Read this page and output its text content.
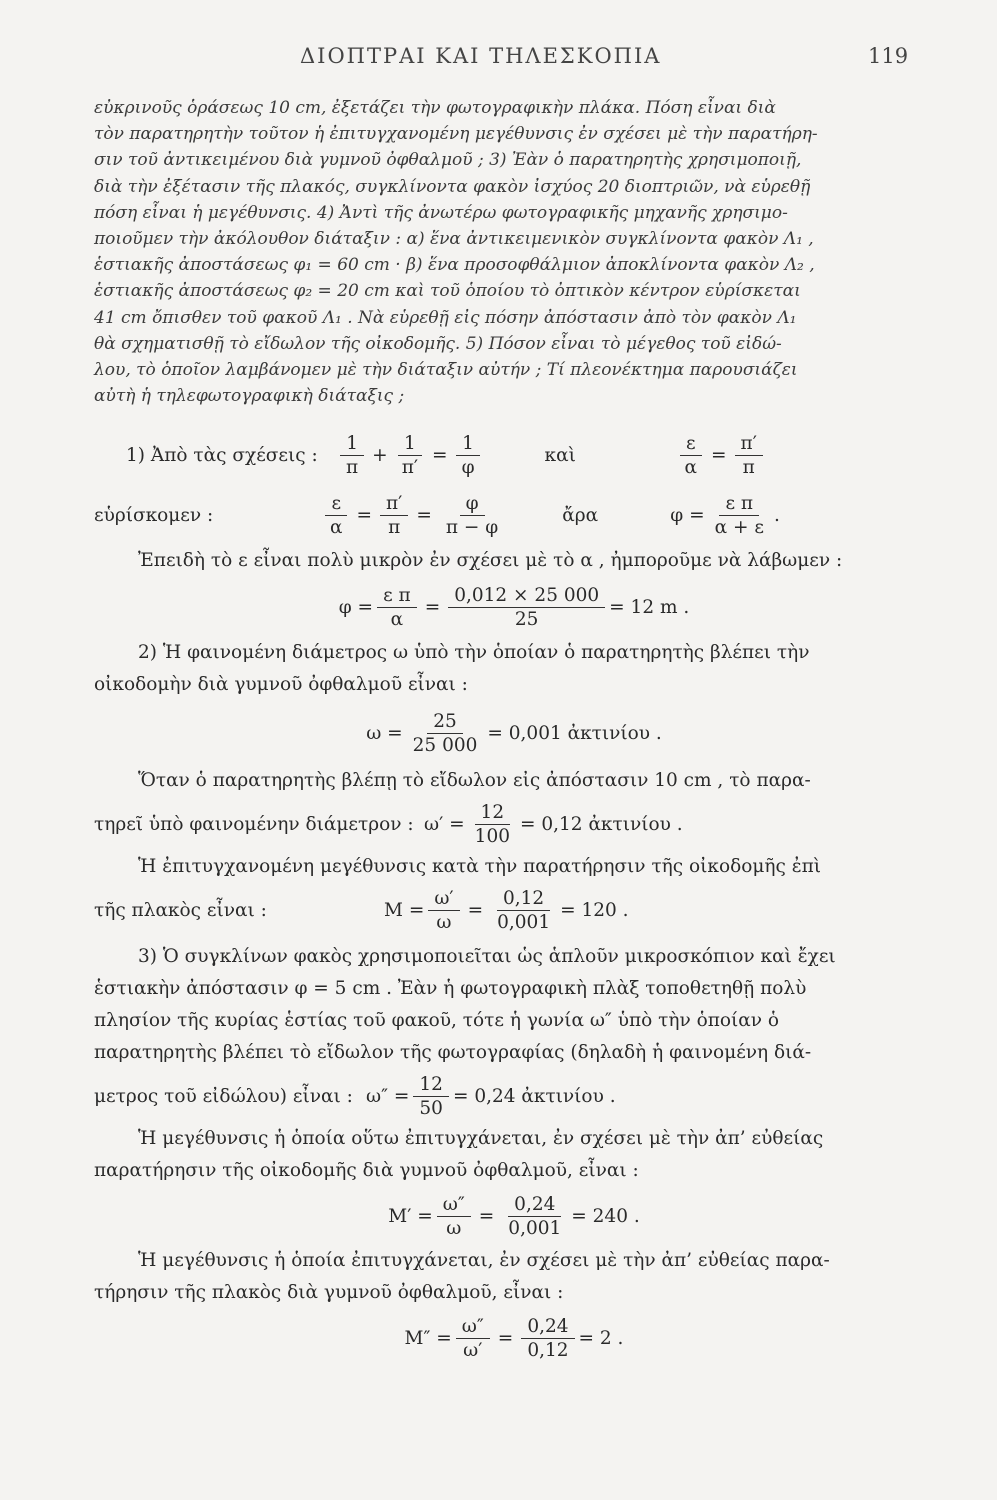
ΔΙΟΠΤΡΑΙ ΚΑΙ ΤΗΛΕΣΚΟΠΙΑ	119
εὐκρινοῦς ὁράσεως 10 cm, ἐξετάζει τὴν φωτογραφικὴν πλάκα. Πόση εἶναι διὰ
τὸν παρατηρητὴν τοῦτον ἡ ἐπιτυγχανομένη μεγέθυνσις ἐν σχέσει μὲ τὴν παρατήρη-
σιν τοῦ ἀντικειμένου διὰ γυμνοῦ ὀφθαλμοῦ ; 3) Ἐὰν ὁ παρατηρητὴς χρησιμοποιῇ,
διὰ τὴν ἐξέτασιν τῆς πλακός, συγκλίνοντα φακὸν ἰσχύος 20 διοπτριῶν, νὰ εὑρεθῇ
πόση εἶναι ἡ μεγέθυνσις. 4) Ἀντὶ τῆς ἀνωτέρω φωτογραφικῆς μηχανῆς χρησιμο-
ποιοῦμεν τὴν ἀκόλουθον διάταξιν : α) ἕνα ἀντικειμενικὸν συγκλίνοντα φακὸν Λ₁ ,
ἑστιακῆς ἀποστάσεως φ₁ = 60 cm · β) ἕνα προσοφθάλμιον ἀποκλίνοντα φακὸν Λ₂ ,
ἑστιακῆς ἀποστάσεως φ₂ = 20 cm καὶ τοῦ ὁποίου τὸ ὀπτικὸν κέντρον εὑρίσκεται
41 cm ὄπισθεν τοῦ φακοῦ Λ₁ . Νὰ εὑρεθῇ εἰς πόσην ἀπόστασιν ἀπὸ τὸν φακὸν Λ₁
θὰ σχηματισθῇ τὸ εἴδωλον τῆς οἰκοδομῆς. 5) Πόσον εἶναι τὸ μέγεθος τοῦ εἰδώ-
λου, τὸ ὁποῖον λαμβάνομεν μὲ τὴν διάταξιν αὐτήν ; Τί πλεονέκτημα παρουσιάζει
αὐτὴ ἡ τηλεφωτογραφικὴ διάταξις ;
1) Ἀπὸ τὰς σχέσεις :	$\frac{1}{\pi} + \frac{1}{\pi'} = \frac{1}{\varphi}$	καὶ	$\frac{\varepsilon}{\alpha} = \frac{\pi'}{\pi}$
εὑρίσκομεν :	$\frac{\varepsilon}{\alpha} = \frac{\pi'}{\pi} = \frac{\varphi}{\pi - \varphi}$	ἄρα	$\varphi = \frac{\text{ε π}}{\alpha + \varepsilon}$ .
Ἐπειδὴ τὸ ε εἶναι πολὺ μικρὸν ἐν σχέσει μὲ τὸ α , ἠμποροῦμε νὰ λάβωμεν :
$\varphi = \frac{\text{ε π}}{\alpha} = \frac{0,012 \times 25 000}{25} = 12$ m .
2) Ἡ φαινομένη διάμετρος ω ὑπὸ τὴν ὁποίαν ὁ παρατηρητὴς βλέπει τὴν
οἰκοδομὴν διὰ γυμνοῦ ὀφθαλμοῦ εἶναι :
$\omega = \frac{25}{25 000} = 0,001$ ἀκτινίου .
Ὅταν ὁ παρατηρητὴς βλέπῃ τὸ εἴδωλον εἰς ἀπόστασιν 10 cm , τὸ παρα-
τηρεῖ ὑπὸ φαινομένην διάμετρον : $\omega' = \frac{12}{100} = 0,12$ ἀκτινίου .
Ἡ ἐπιτυγχανομένη μεγέθυνσις κατὰ τὴν παρατήρησιν τῆς οἰκοδομῆς ἐπὶ
τῆς πλακὸς εἶναι :	$M = \frac{\omega'}{\omega} = \frac{0,12}{0,001} = 120$ .
3) Ὁ συγκλίνων φακὸς χρησιμοποιεῖται ὡς ἁπλοῦν μικροσκόπιον καὶ ἔχει
ἑστιακὴν ἀπόστασιν φ = 5 cm . Ἐὰν ἡ φωτογραφικὴ πλὰξ τοποθετηθῇ πολὺ
πλησίον τῆς κυρίας ἑστίας τοῦ φακοῦ, τότε ἡ γωνία ω″ ὑπὸ τὴν ὁποίαν ὁ
παρατηρητὴς βλέπει τὸ εἴδωλον τῆς φωτογραφίας (δηλαδὴ ἡ φαινομένη διά-
μετρος τοῦ εἰδώλου) εἶναι : $\omega'' = \frac{12}{50} = 0,24$ ἀκτινίου .
Ἡ μεγέθυνσις ἡ ὁποία οὕτω ἐπιτυγχάνεται, ἐν σχέσει μὲ τὴν ἀπ’ εὐθείας
παρατήρησιν τῆς οἰκοδομῆς διὰ γυμνοῦ ὀφθαλμοῦ, εἶναι :
$M' = \frac{\omega''}{\omega} = \frac{0,24}{0,001} = 240$ .
Ἡ μεγέθυνσις ἡ ὁποία ἐπιτυγχάνεται, ἐν σχέσει μὲ τὴν ἀπ’ εὐθείας παρα-
τήρησιν τῆς πλακὸς διὰ γυμνοῦ ὀφθαλμοῦ, εἶναι :
$M'' = \frac{\omega''}{\omega'} = \frac{0,24}{0,12} = 2$ .
